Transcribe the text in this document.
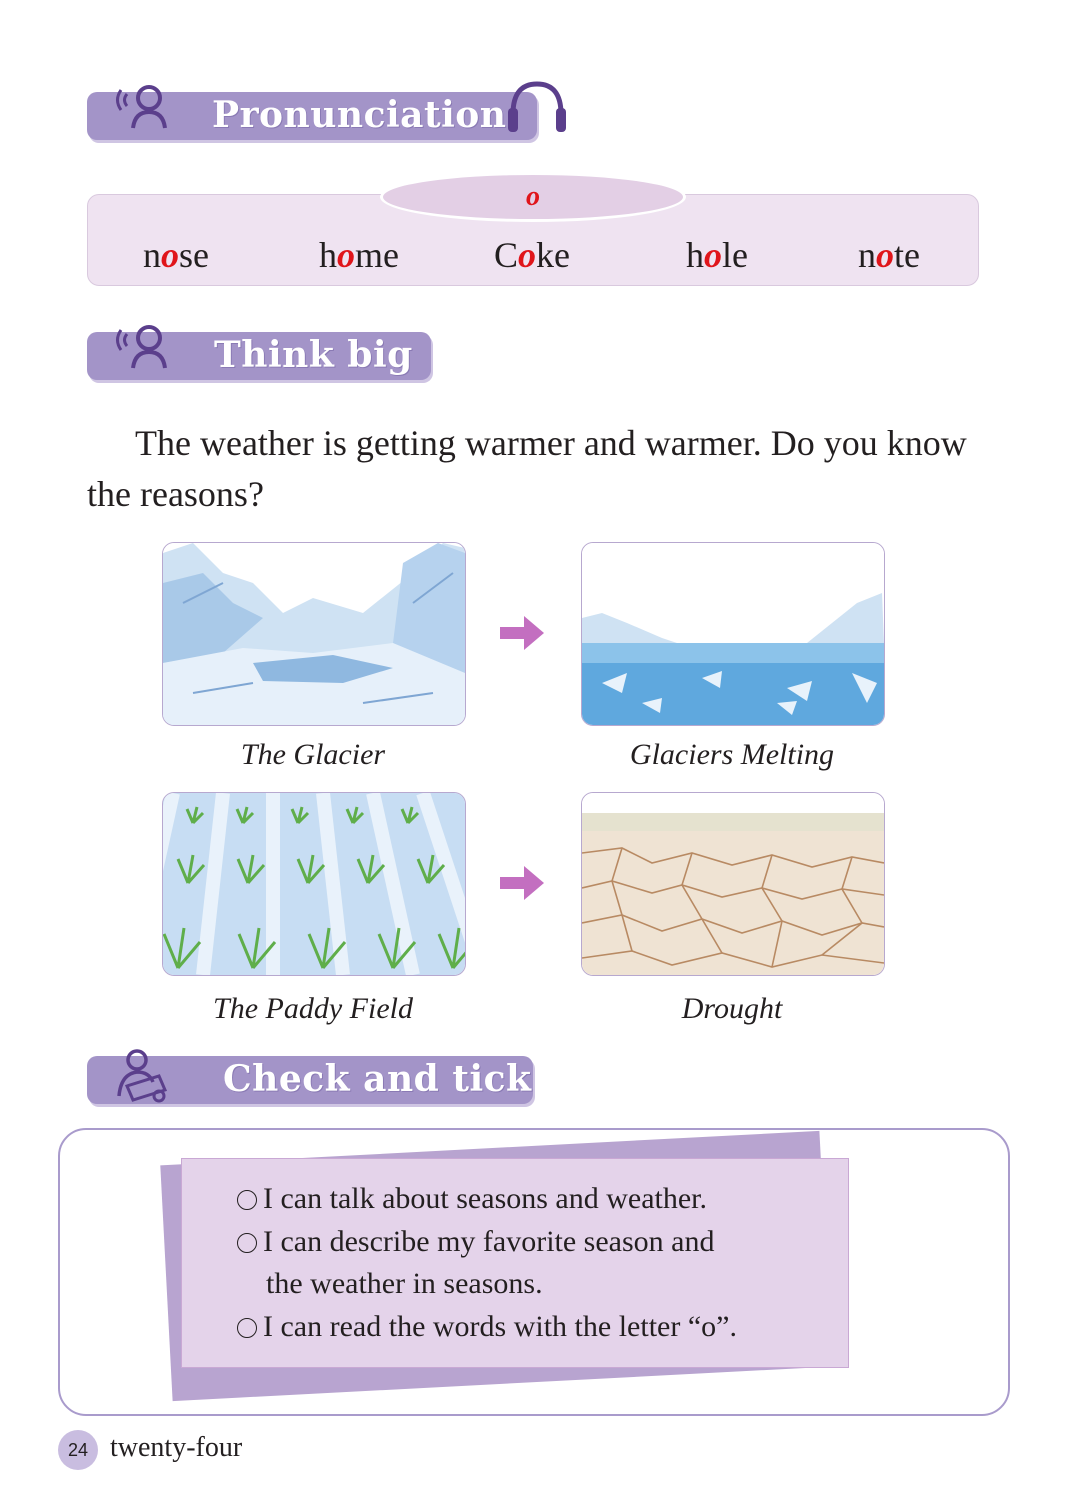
Pronunciation
o
nose	home	Coke	hole	note
Think big
The weather is getting warmer and warmer. Do you know
the reasons?
The Glacier	Glaciers Melting
The Paddy Field	Drought
Check and tick
I can talk about seasons and weather.
I can describe my favorite season and
the weather in seasons.
I can read the words with the letter “o”.
24 twenty-four
